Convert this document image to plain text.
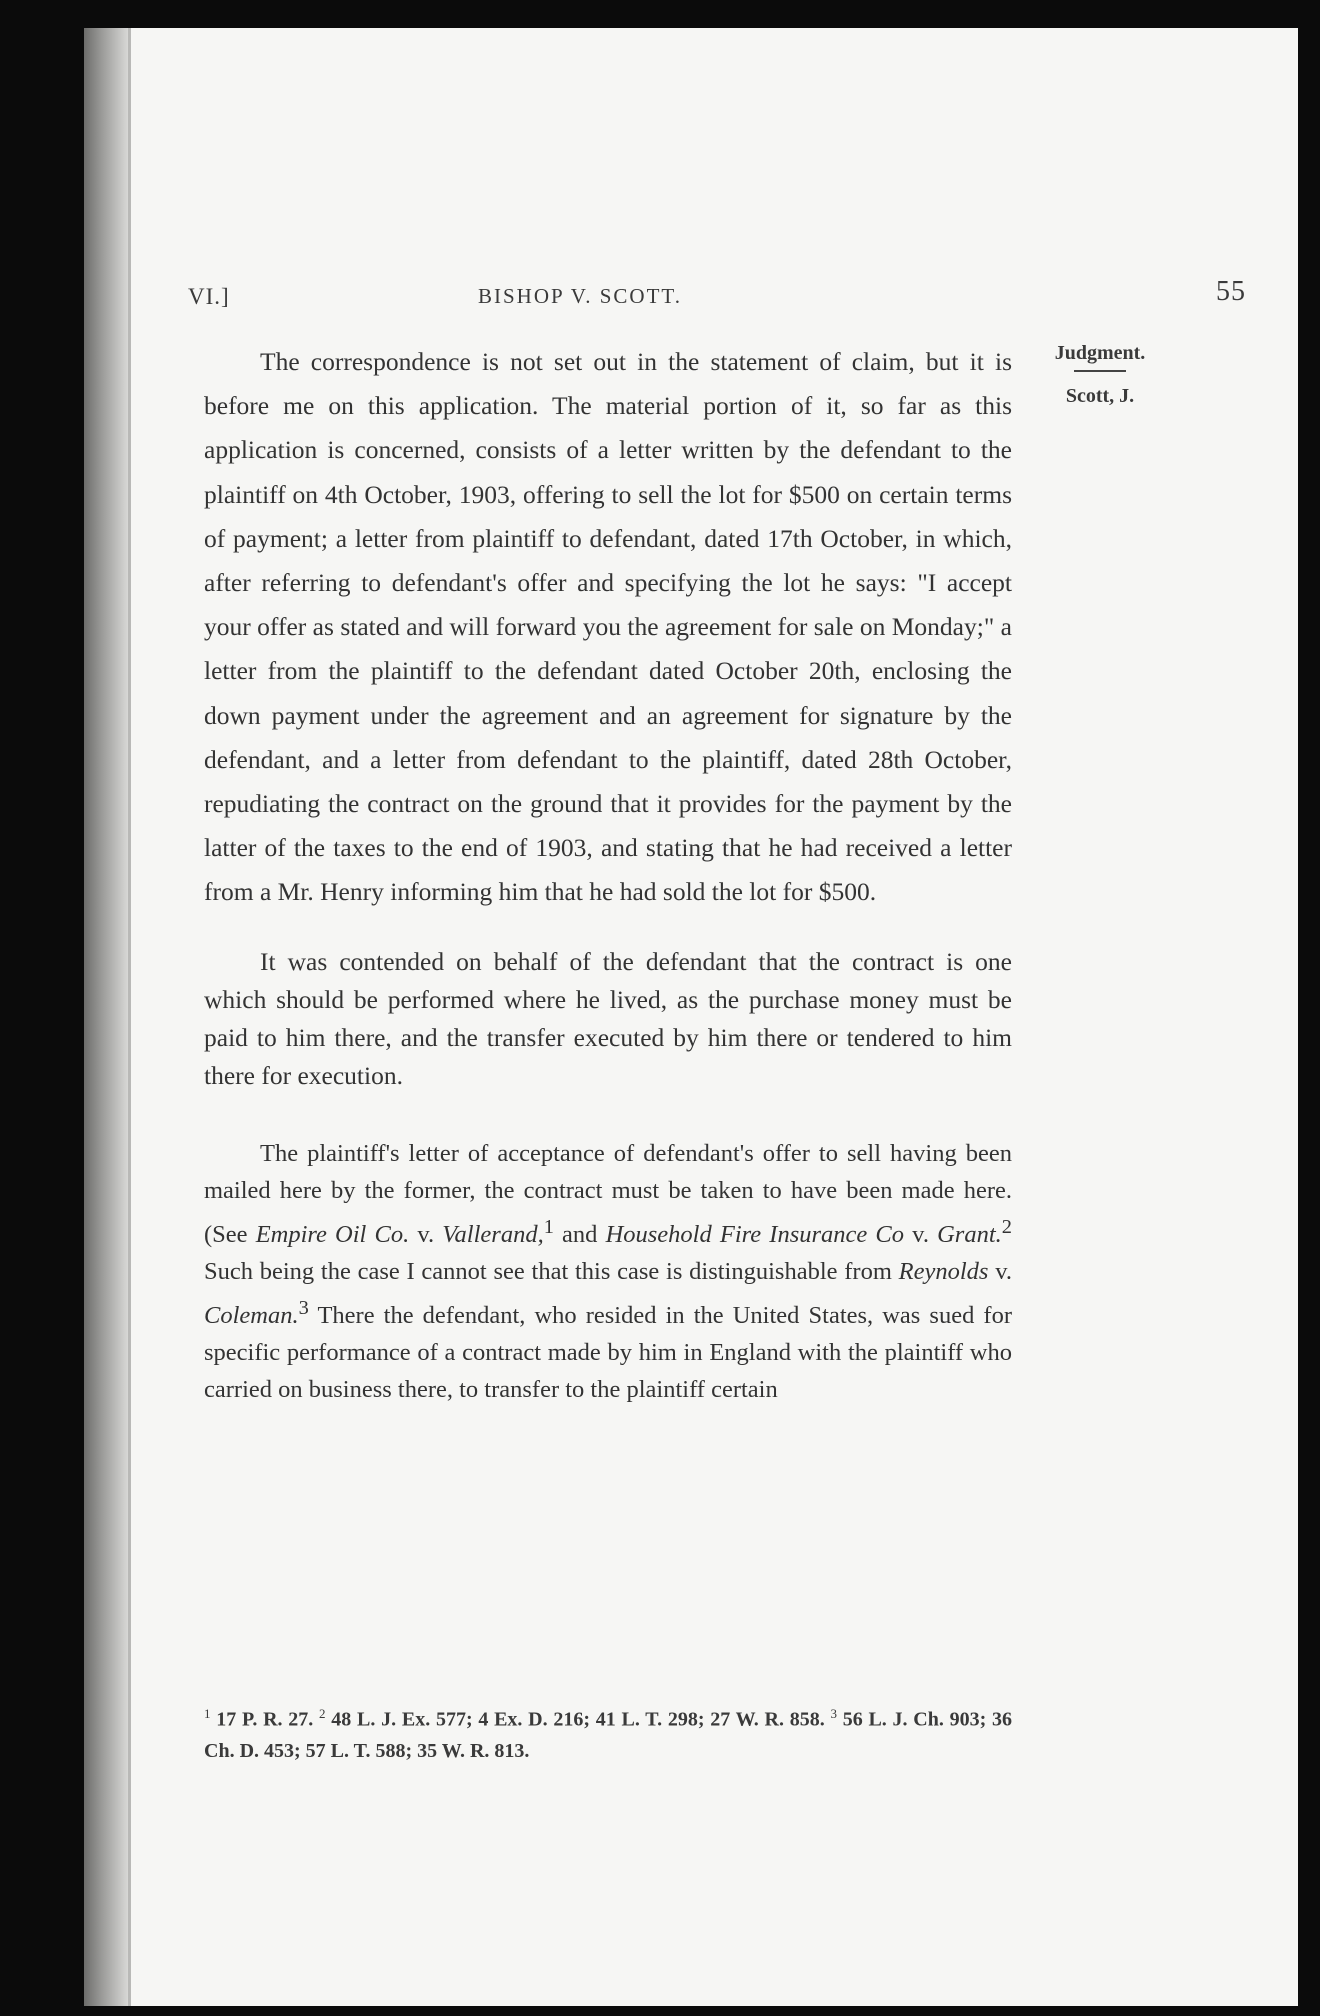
VI.]	BISHOP V. SCOTT.	55
Judgment.
Scott, J.

The correspondence is not set out in the statement of claim, but it is before me on this application. The material portion of it, so far as this application is concerned, consists of a letter written by the defendant to the plaintiff on 4th October, 1903, offering to sell the lot for $500 on certain terms of payment; a letter from plaintiff to defendant, dated 17th October, in which, after referring to defendant's offer and specifying the lot he says: "I accept your offer as stated and will forward you the agreement for sale on Monday;" a letter from the plaintiff to the defendant dated October 20th, enclosing the down payment under the agreement and an agreement for signature by the defendant, and a letter from defendant to the plaintiff, dated 28th October, repudiating the contract on the ground that it provides for the payment by the latter of the taxes to the end of 1903, and stating that he had received a letter from a Mr. Henry informing him that he had sold the lot for $500.

It was contended on behalf of the defendant that the contract is one which should be performed where he lived, as the purchase money must be paid to him there, and the transfer executed by him there or tendered to him there for execution.

The plaintiff's letter of acceptance of defendant's offer to sell having been mailed here by the former, the contract must be taken to have been made here. (See Empire Oil Co. v. Vallerand,$^1$ and Household Fire Insurance Co v. Grant.$^2$ Such being the case I cannot see that this case is distinguishable from Reynolds v. Coleman.$^3$ There the defendant, who resided in the United States, was sued for specific performance of a contract made by him in England with the plaintiff who carried on business there, to transfer to the plaintiff certain

$^1$ 17 P. R. 27. $^2$ 48 L. J. Ex. 577; 4 Ex. D. 216; 41 L. T. 298; 27 W. R. 858. $^3$ 56 L. J. Ch. 903; 36 Ch. D. 453; 57 L. T. 588; 35 W. R. 813.
